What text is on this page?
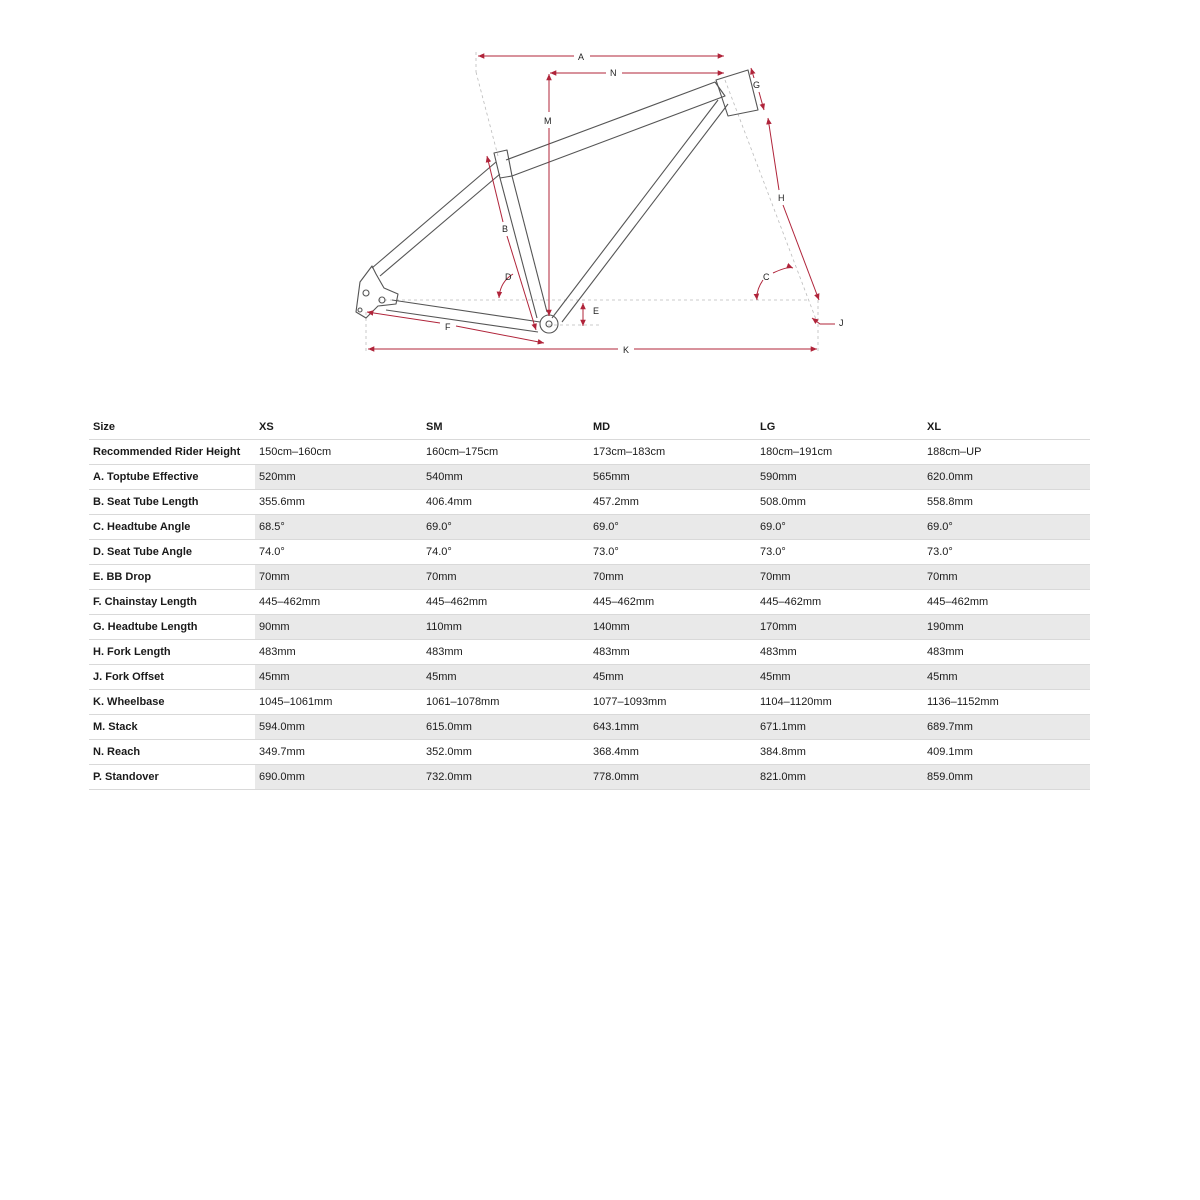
A
N
M
G
H
B
D	C
E
J
F
K
Size	XS	SM	MD	LG	XL
Recommended Rider Height	150cm–160cm	160cm–175cm	173cm–183cm	180cm–191cm	188cm–UP
A. Toptube Effective	520mm	540mm	565mm	590mm	620.0mm
B. Seat Tube Length	355.6mm	406.4mm	457.2mm	508.0mm	558.8mm
C. Headtube Angle	68.5°	69.0°	69.0°	69.0°	69.0°
D. Seat Tube Angle	74.0°	74.0°	73.0°	73.0°	73.0°
E. BB Drop	70mm	70mm	70mm	70mm	70mm
F. Chainstay Length	445–462mm	445–462mm	445–462mm	445–462mm	445–462mm
G. Headtube Length	90mm	110mm	140mm	170mm	190mm
H. Fork Length	483mm	483mm	483mm	483mm	483mm
J. Fork Offset	45mm	45mm	45mm	45mm	45mm
K. Wheelbase	1045–1061mm	1061–1078mm	1077–1093mm	1104–1120mm	1136–1152mm
M. Stack	594.0mm	615.0mm	643.1mm	671.1mm	689.7mm
N. Reach	349.7mm	352.0mm	368.4mm	384.8mm	409.1mm
P. Standover	690.0mm	732.0mm	778.0mm	821.0mm	859.0mm
